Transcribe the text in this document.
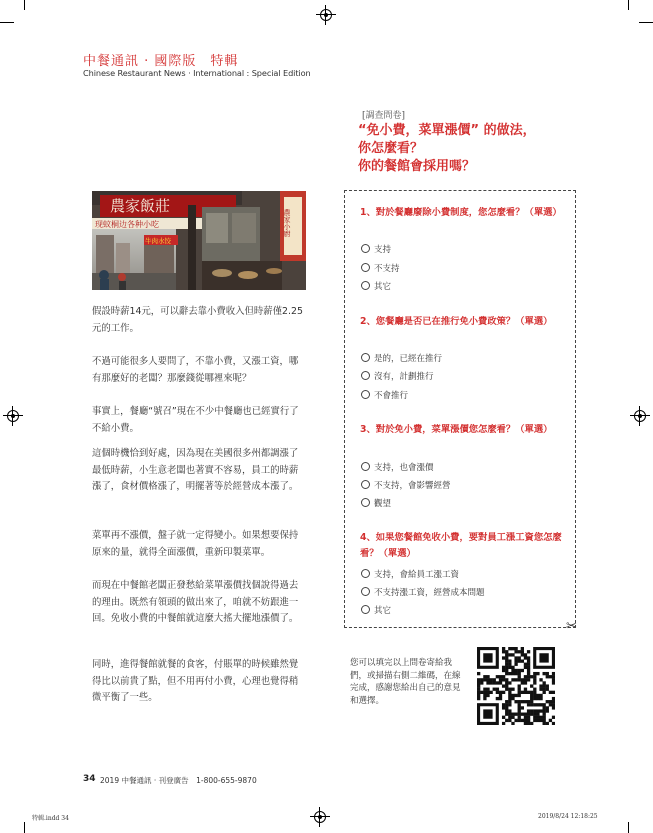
中餐通訊 · 國際版　特輯
Chinese Restaurant News · International : Special Edition
農家飯莊
现蚊桐边各种小吃
牛肉水饺
農家小廚

假設時薪14元，可以辭去靠小費收入但時薪僅2.25元的工作。

不過可能很多人要問了，不靠小費，又漲工資，哪有那麼好的老闆？那麼錢從哪裡來呢？

事實上，餐廳“號召”現在不少中餐廳也已經實行了不給小費。

這個時機恰到好處，因為現在美國很多州都調漲了最低時薪，小生意老闆也著實不容易，員工的時薪漲了，食材價格漲了，明擺著等於經營成本漲了。

菜單再不漲價，盤子就一定得變小。如果想要保持原來的量，就得全面漲價，重新印製菜單。

而現在中餐館老闆正發愁給菜單漲價找個說得過去的理由。既然有領頭的做出來了，咱就不妨跟進一回。免收小費的中餐館就這麼大搖大擺地漲價了。

同時，進得餐館就餐的食客，付賬單的時候雖然覺得比以前貴了點，但不用再付小費，心理也覺得稍微平衡了一些。

[調查問卷]
“免小費，菜單漲價” 的做法，
你怎麼看？
你的餐館會採用嗎？

1、對於餐廳廢除小費制度，您怎麼看？（單選）

支持
不支持
其它

2、您餐廳是否已在推行免小費政策？（單選）

是的，已經在推行
沒有，計劃推行
不會推行

3、對於免小費，菜單漲價您怎麼看？（單選）

支持，也會漲價
不支持，會影響經營
觀望

4、如果您餐館免收小費，要對員工漲工資您怎麼看？（單選）

支持，會給員工漲工資
不支持漲工資，經營成本問題
其它
✂

您可以填完以上問卷寄給我們，或掃描右側二維碼，在線完成，感謝您給出自己的意見和選擇。

34 2019 中餐通訊 · 刊登廣告　1-800-655-9870
特輯.indd 34	2019/8/24 12:18:25
